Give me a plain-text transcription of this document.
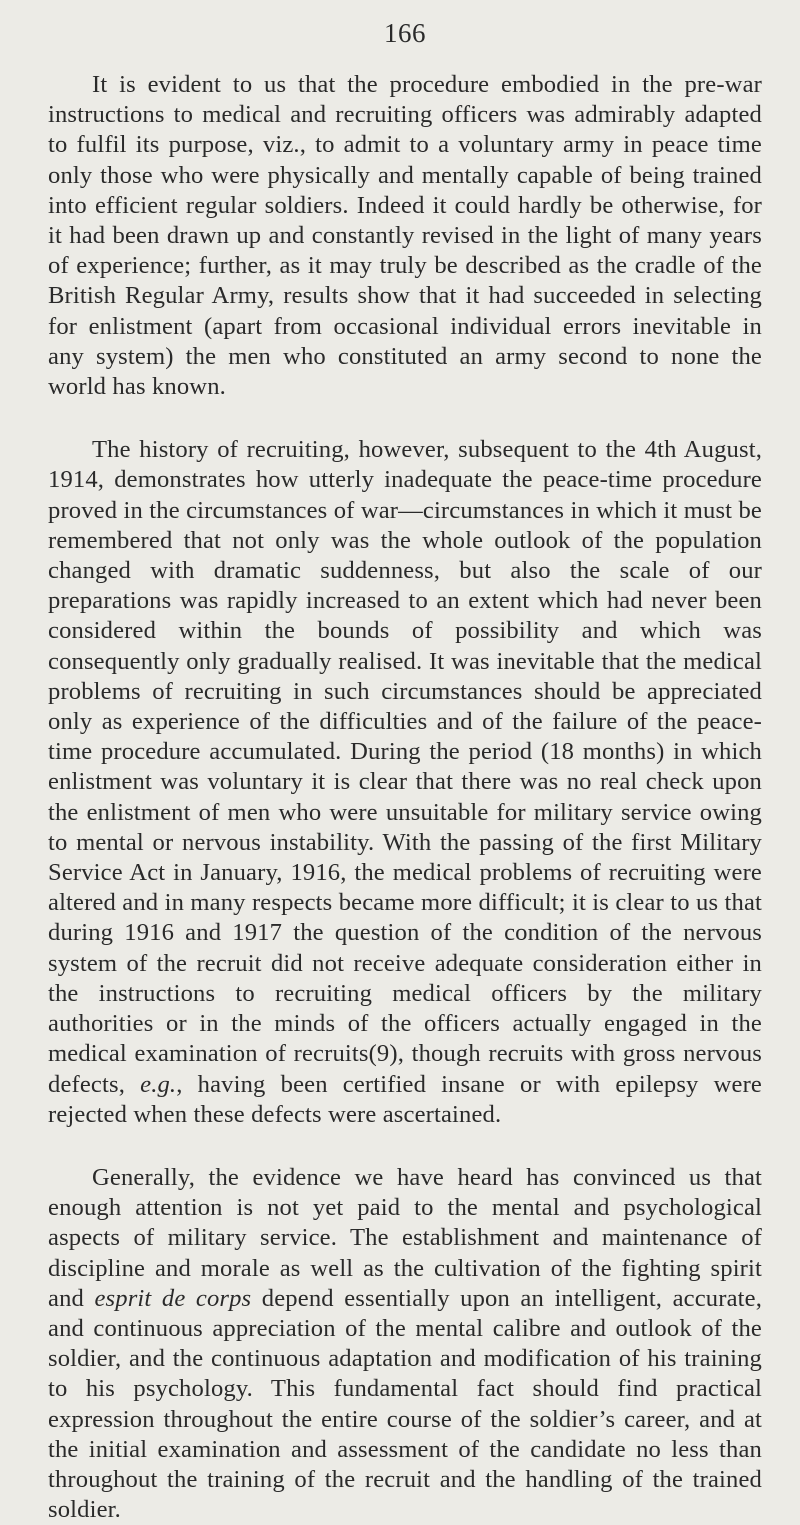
166

It is evident to us that the procedure embodied in the pre-war instructions to medical and recruiting officers was admirably adapted to fulfil its purpose, viz., to admit to a voluntary army in peace time only those who were physically and mentally capable of being trained into efficient regular soldiers. Indeed it could hardly be otherwise, for it had been drawn up and constantly revised in the light of many years of experience; further, as it may truly be described as the cradle of the British Regular Army, results show that it had succeeded in selecting for enlistment (apart from occasional individual errors inevitable in any system) the men who constituted an army second to none the world has known.

The history of recruiting, however, subsequent to the 4th August, 1914, demonstrates how utterly inadequate the peace-time procedure proved in the circumstances of war—circumstances in which it must be remembered that not only was the whole outlook of the population changed with dramatic suddenness, but also the scale of our preparations was rapidly increased to an extent which had never been considered within the bounds of possibility and which was consequently only gradually realised. It was inevitable that the medical problems of recruiting in such circumstances should be appreciated only as experience of the difficulties and of the failure of the peace-time procedure accumulated. During the period (18 months) in which enlistment was voluntary it is clear that there was no real check upon the enlistment of men who were unsuitable for military service owing to mental or nervous instability. With the passing of the first Military Service Act in January, 1916, the medical problems of recruiting were altered and in many respects became more difficult; it is clear to us that during 1916 and 1917 the question of the condition of the nervous system of the recruit did not receive adequate consideration either in the instructions to recruiting medical officers by the military authorities or in the minds of the officers actually engaged in the medical examination of recruits(9), though recruits with gross nervous defects, e.g., having been certified insane or with epilepsy were rejected when these defects were ascertained.

Generally, the evidence we have heard has convinced us that enough attention is not yet paid to the mental and psychological aspects of military service. The establishment and maintenance of discipline and morale as well as the cultivation of the fighting spirit and esprit de corps depend essentially upon an intelligent, accurate, and continuous appreciation of the mental calibre and outlook of the soldier, and the continuous adaptation and modification of his training to his psychology. This fundamental fact should find practical expression throughout the entire course of the soldier’s career, and at the initial examination and assessment of the candidate no less than throughout the training of the recruit and the handling of the trained soldier.
